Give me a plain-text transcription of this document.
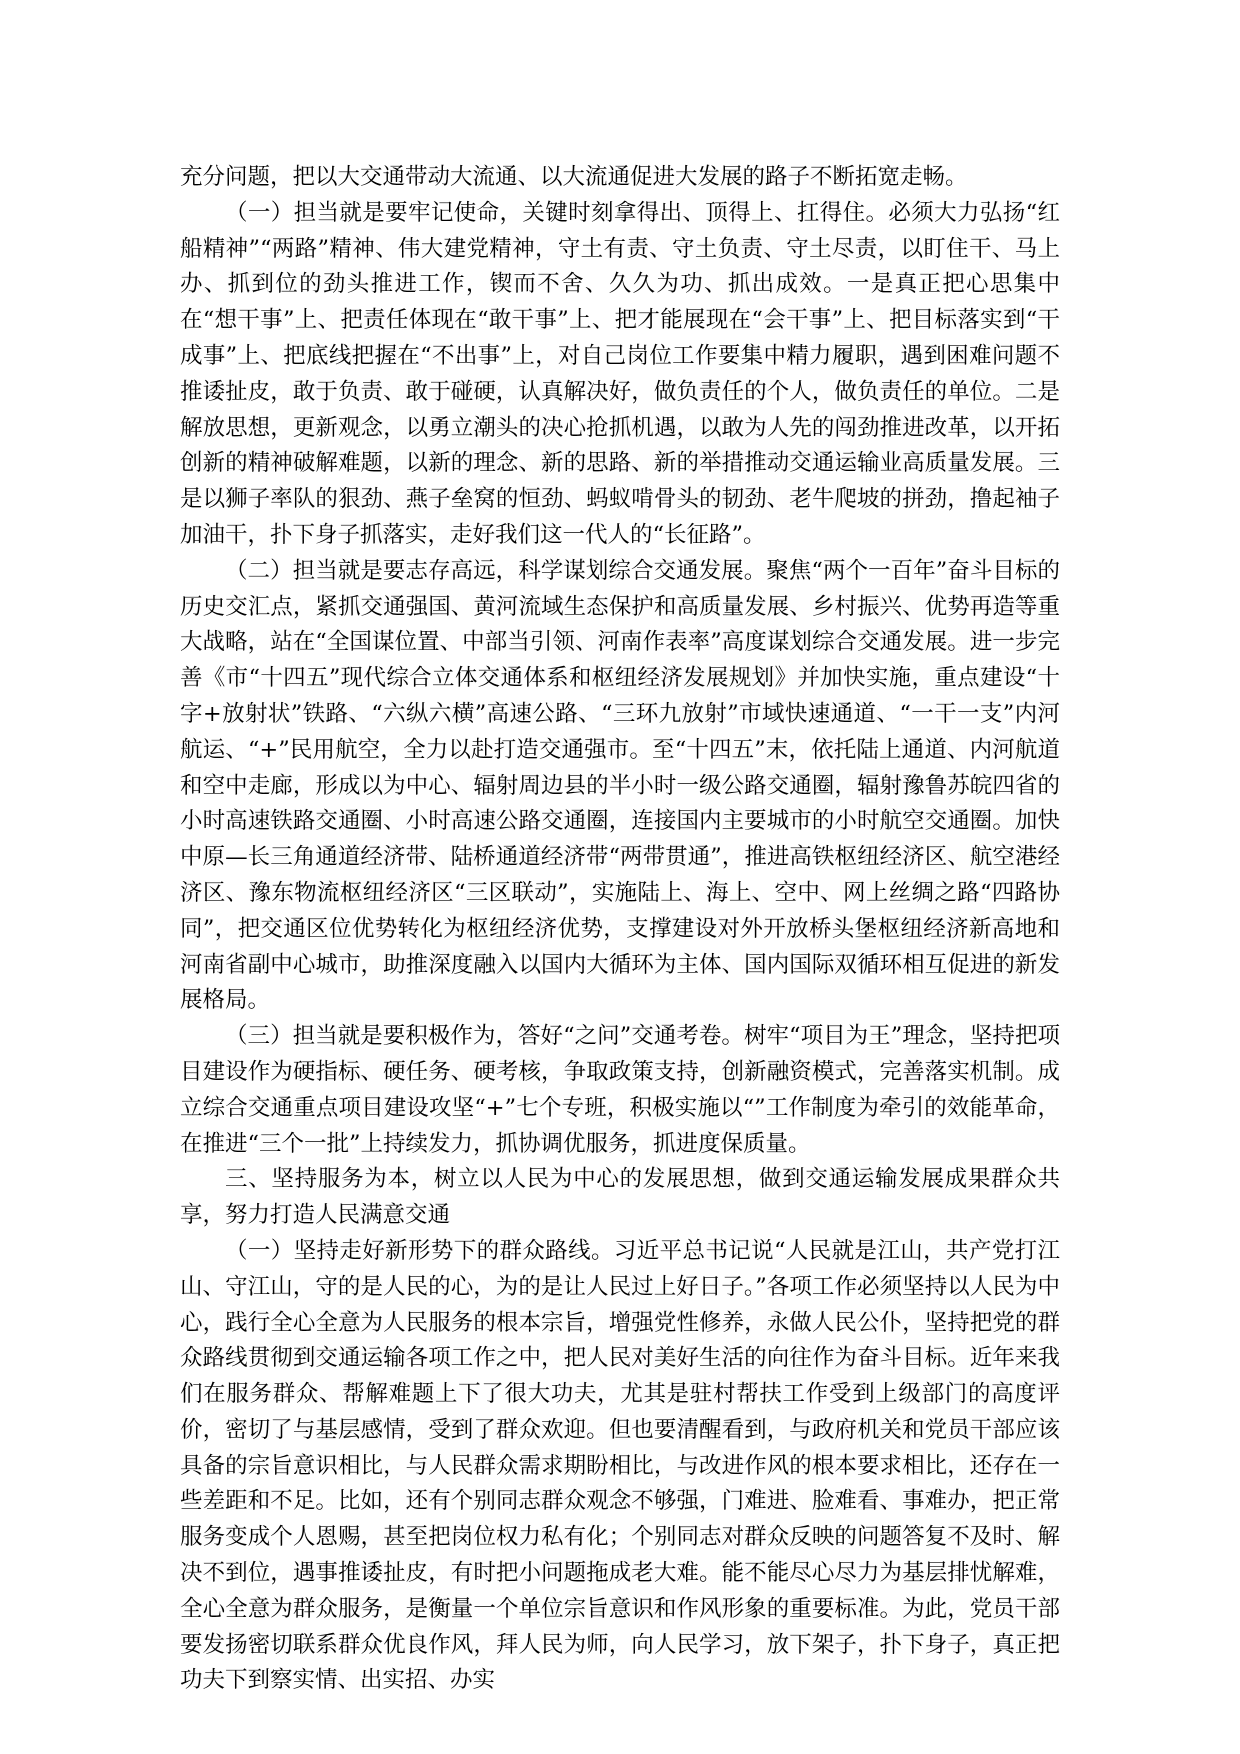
充分问题，把以大交通带动大流通、以大流通促进大发展的路子不断拓宽走畅。

（一）担当就是要牢记使命，关键时刻拿得出、顶得上、扛得住。必须大力弘扬“红船精神”“两路”精神、伟大建党精神，守土有责、守土负责、守土尽责，以盯住干、马上办、抓到位的劲头推进工作，锲而不舍、久久为功、抓出成效。一是真正把心思集中在“想干事”上、把责任体现在“敢干事”上、把才能展现在“会干事”上、把目标落实到“干成事”上、把底线把握在“不出事”上，对自己岗位工作要集中精力履职，遇到困难问题不推诿扯皮，敢于负责、敢于碰硬，认真解决好，做负责任的个人，做负责任的单位。二是解放思想，更新观念，以勇立潮头的决心抢抓机遇，以敢为人先的闯劲推进改革，以开拓创新的精神破解难题，以新的理念、新的思路、新的举措推动交通运输业高质量发展。三是以狮子率队的狠劲、燕子垒窝的恒劲、蚂蚁啃骨头的韧劲、老牛爬坡的拼劲，撸起袖子加油干，扑下身子抓落实，走好我们这一代人的“长征路”。

（二）担当就是要志存高远，科学谋划综合交通发展。聚焦“两个一百年”奋斗目标的历史交汇点，紧抓交通强国、黄河流域生态保护和高质量发展、乡村振兴、优势再造等重大战略，站在“全国谋位置、中部当引领、河南作表率”高度谋划综合交通发展。进一步完善《市“十四五”现代综合立体交通体系和枢纽经济发展规划》并加快实施，重点建设“十字+放射状”铁路、“六纵六横”高速公路、“三环九放射”市域快速通道、“一干一支”内河航运、“+”民用航空，全力以赴打造交通强市。至“十四五”末，依托陆上通道、内河航道和空中走廊，形成以为中心、辐射周边县的半小时一级公路交通圈，辐射豫鲁苏皖四省的小时高速铁路交通圈、小时高速公路交通圈，连接国内主要城市的小时航空交通圈。加快中原—长三角通道经济带、陆桥通道经济带“两带贯通”，推进高铁枢纽经济区、航空港经济区、豫东物流枢纽经济区“三区联动”，实施陆上、海上、空中、网上丝绸之路“四路协同”，把交通区位优势转化为枢纽经济优势，支撑建设对外开放桥头堡枢纽经济新高地和河南省副中心城市，助推深度融入以国内大循环为主体、国内国际双循环相互促进的新发展格局。

（三）担当就是要积极作为，答好“之问”交通考卷。树牢“项目为王”理念，坚持把项目建设作为硬指标、硬任务、硬考核，争取政策支持，创新融资模式，完善落实机制。成立综合交通重点项目建设攻坚“+”七个专班，积极实施以“”工作制度为牵引的效能革命，在推进“三个一批”上持续发力，抓协调优服务，抓进度保质量。

三、坚持服务为本，树立以人民为中心的发展思想，做到交通运输发展成果群众共享，努力打造人民满意交通

（一）坚持走好新形势下的群众路线。习近平总书记说“人民就是江山，共产党打江山、守江山，守的是人民的心，为的是让人民过上好日子。”各项工作必须坚持以人民为中心，践行全心全意为人民服务的根本宗旨，增强党性修养，永做人民公仆，坚持把党的群众路线贯彻到交通运输各项工作之中，把人民对美好生活的向往作为奋斗目标。近年来我们在服务群众、帮解难题上下了很大功夫，尤其是驻村帮扶工作受到上级部门的高度评价，密切了与基层感情，受到了群众欢迎。但也要清醒看到，与政府机关和党员干部应该具备的宗旨意识相比，与人民群众需求期盼相比，与改进作风的根本要求相比，还存在一些差距和不足。比如，还有个别同志群众观念不够强，门难进、脸难看、事难办，把正常服务变成个人恩赐，甚至把岗位权力私有化；个别同志对群众反映的问题答复不及时、解决不到位，遇事推诿扯皮，有时把小问题拖成老大难。能不能尽心尽力为基层排忧解难，全心全意为群众服务，是衡量一个单位宗旨意识和作风形象的重要标准。为此，党员干部要发扬密切联系群众优良作风，拜人民为师，向人民学习，放下架子，扑下身子，真正把功夫下到察实情、出实招、办实
